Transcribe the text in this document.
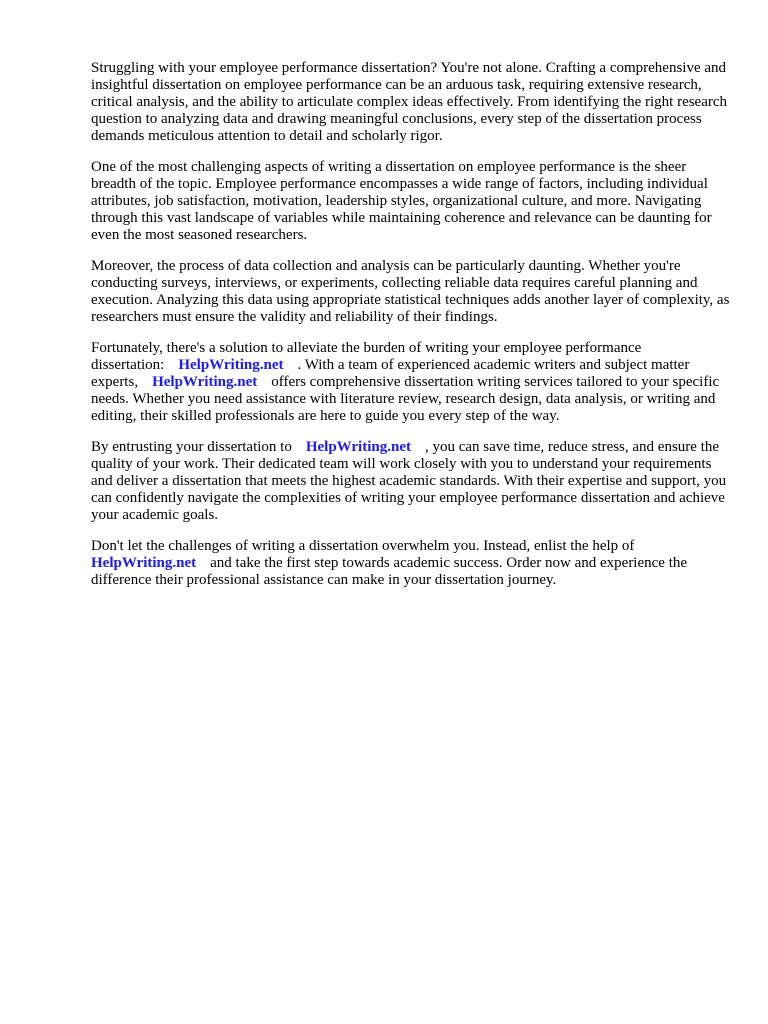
Struggling with your employee performance dissertation? You're not alone. Crafting a comprehensive and insightful dissertation on employee performance can be an arduous task, requiring extensive research, critical analysis, and the ability to articulate complex ideas effectively. From identifying the right research question to analyzing data and drawing meaningful conclusions, every step of the dissertation process demands meticulous attention to detail and scholarly rigor.

One of the most challenging aspects of writing a dissertation on employee performance is the sheer breadth of the topic. Employee performance encompasses a wide range of factors, including individual attributes, job satisfaction, motivation, leadership styles, organizational culture, and more. Navigating through this vast landscape of variables while maintaining coherence and relevance can be daunting for even the most seasoned researchers.

Moreover, the process of data collection and analysis can be particularly daunting. Whether you're conducting surveys, interviews, or experiments, collecting reliable data requires careful planning and execution. Analyzing this data using appropriate statistical techniques adds another layer of complexity, as researchers must ensure the validity and reliability of their findings.

Fortunately, there's a solution to alleviate the burden of writing your employee performance dissertation: HelpWriting.net . With a team of experienced academic writers and subject matter experts, HelpWriting.net offers comprehensive dissertation writing services tailored to your specific needs. Whether you need assistance with literature review, research design, data analysis, or writing and editing, their skilled professionals are here to guide you every step of the way.

By entrusting your dissertation to HelpWriting.net , you can save time, reduce stress, and ensure the quality of your work. Their dedicated team will work closely with you to understand your requirements and deliver a dissertation that meets the highest academic standards. With their expertise and support, you can confidently navigate the complexities of writing your employee performance dissertation and achieve your academic goals.

Don't let the challenges of writing a dissertation overwhelm you. Instead, enlist the help of HelpWriting.net and take the first step towards academic success. Order now and experience the difference their professional assistance can make in your dissertation journey.
